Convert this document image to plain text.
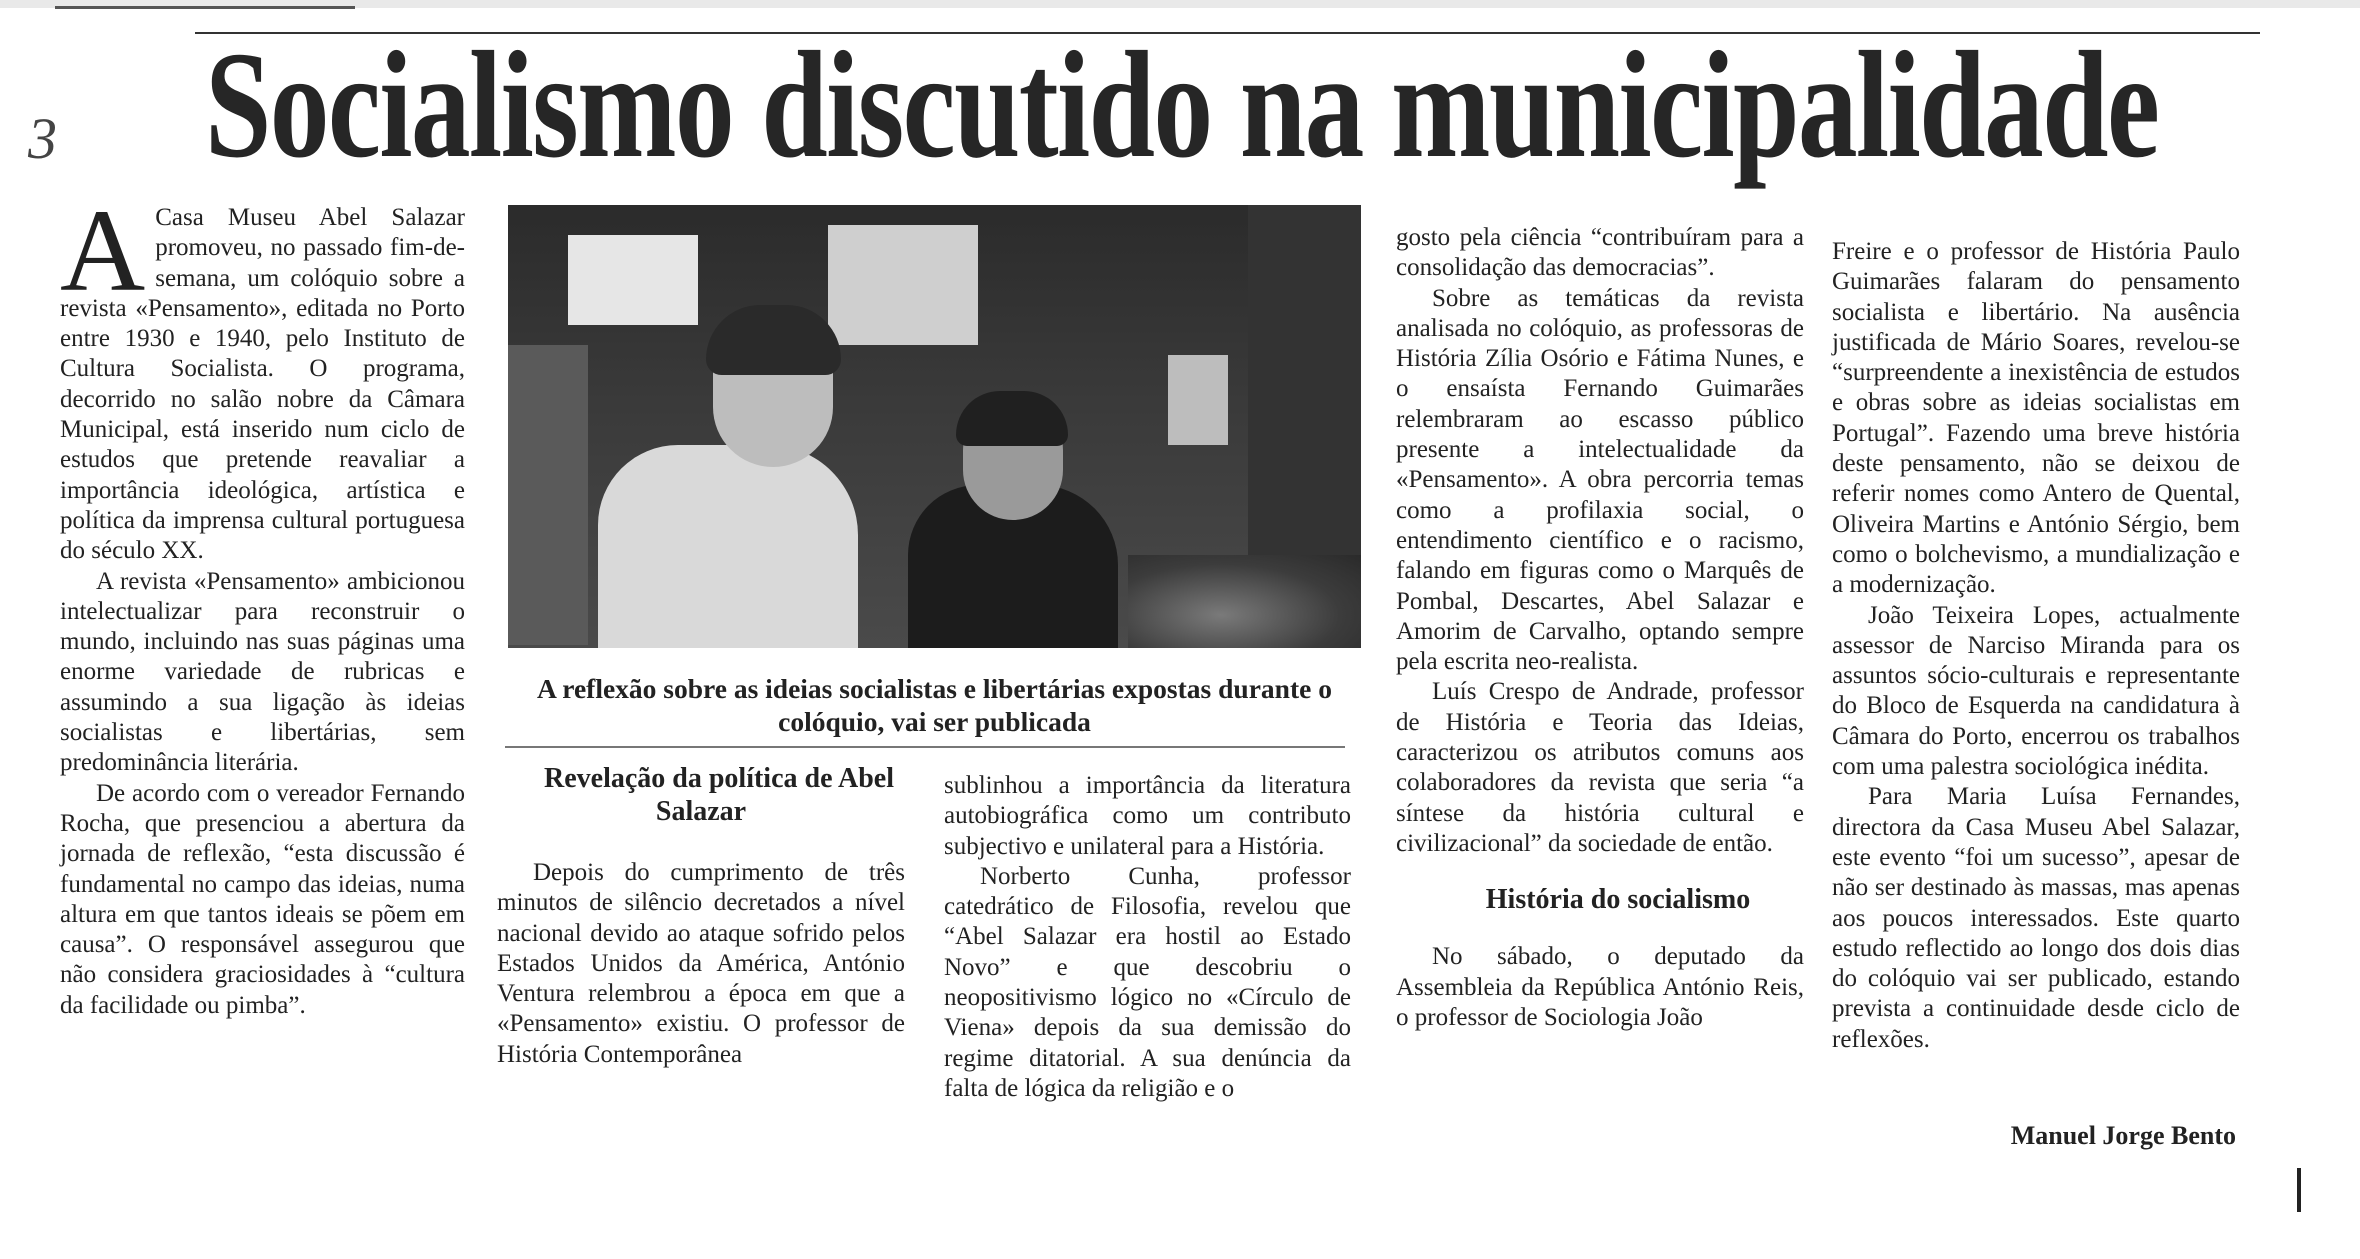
3 Socialismo discutido na municipalidade
A Casa Museu Abel Salazar promoveu, no passado fim-de-semana, um colóquio sobre a revista «Pensamento», editada no Porto entre 1930 e 1940, pelo Instituto de Cultura Socialista. O programa, decorrido no salão nobre da Câmara Municipal, está inserido num ciclo de estudos que pretende reavaliar a importância ideológica, artística e política da imprensa cultural portuguesa do século XX.

A revista «Pensamento» ambicionou intelectualizar para reconstruir o mundo, incluindo nas suas páginas uma enorme variedade de rubricas e assumindo a sua ligação às ideias socialistas e libertárias, sem predominância literária.

De acordo com o vereador Fernando Rocha, que presenciou a abertura da jornada de reflexão, “esta discussão é fundamental no campo das ideias, numa altura em que tantos ideais se põem em causa”. O responsável assegurou que não considera graciosidades à “cultura da facilidade ou pimba”.

A reflexão sobre as ideias socialistas e libertárias expostas durante o colóquio, vai ser publicada

Revelação da política de Abel Salazar

Depois do cumprimento de três minutos de silêncio decretados a nível nacional devido ao ataque sofrido pelos Estados Unidos da América, António Ventura relembrou a época em que a «Pensamento» existiu. O professor de História Contemporânea

sublinhou a importância da literatura autobiográfica como um contributo subjectivo e unilateral para a História.

Norberto Cunha, professor catedrático de Filosofia, revelou que “Abel Salazar era hostil ao Estado Novo” e que descobriu o neopositivismo lógico no «Círculo de Viena» depois da sua demissão do regime ditatorial. A sua denúncia da falta de lógica da religião e o

gosto pela ciência “contribuíram para a consolidação das democracias”.

Sobre as temáticas da revista analisada no colóquio, as professoras de História Zília Osório e Fátima Nunes, e o ensaísta Fernando Guimarães relembraram ao escasso público presente a intelectualidade da «Pensamento». A obra percorria temas como a profilaxia social, o entendimento científico e o racismo, falando em figuras como o Marquês de Pombal, Descartes, Abel Salazar e Amorim de Carvalho, optando sempre pela escrita neo-realista.

Luís Crespo de Andrade, professor de História e Teoria das Ideias, caracterizou os atributos comuns aos colaboradores da revista que seria “a síntese da história cultural e civilizacional” da sociedade de então.

História do socialismo

No sábado, o deputado da Assembleia da República António Reis, o professor de Sociologia João

Freire e o professor de História Paulo Guimarães falaram do pensamento socialista e libertário. Na ausência justificada de Mário Soares, revelou-se “surpreendente a inexistência de estudos e obras sobre as ideias socialistas em Portugal”. Fazendo uma breve história deste pensamento, não se deixou de referir nomes como Antero de Quental, Oliveira Martins e António Sérgio, bem como o bolchevismo, a mundialização e a modernização.

João Teixeira Lopes, actualmente assessor de Narciso Miranda para os assuntos sócio-culturais e representante do Bloco de Esquerda na candidatura à Câmara do Porto, encerrou os trabalhos com uma palestra sociológica inédita.

Para Maria Luísa Fernandes, directora da Casa Museu Abel Salazar, este evento “foi um sucesso”, apesar de não ser destinado às massas, mas apenas aos poucos interessados. Este quarto estudo reflectido ao longo dos dois dias do colóquio vai ser publicado, estando prevista a continuidade desde ciclo de reflexões.

Manuel Jorge Bento
